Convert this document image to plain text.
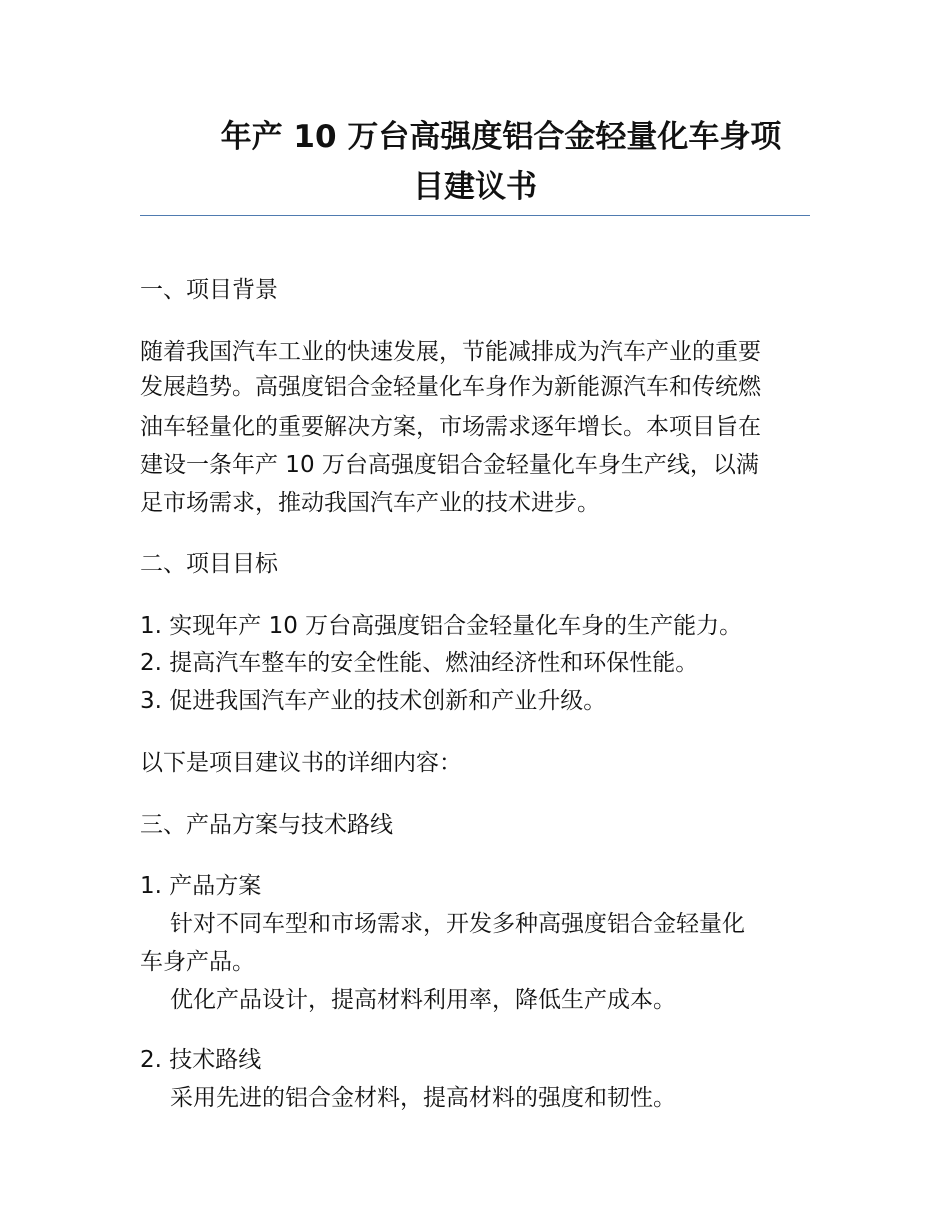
年产 10 万台高强度铝合金轻量化车身项
目建议书

一、项目背景

随着我国汽车工业的快速发展，节能减排成为汽车产业的重要

发展趋势。高强度铝合金轻量化车身作为新能源汽车和传统燃

油车轻量化的重要解决方案，市场需求逐年增长。本项目旨在

建设一条年产 10 万台高强度铝合金轻量化车身生产线，以满

足市场需求，推动我国汽车产业的技术进步。

二、项目目标

1. 实现年产 10 万台高强度铝合金轻量化车身的生产能力。

2. 提高汽车整车的安全性能、燃油经济性和环保性能。

3. 促进我国汽车产业的技术创新和产业升级。

以下是项目建议书的详细内容：

三、产品方案与技术路线

1. 产品方案

针对不同车型和市场需求，开发多种高强度铝合金轻量化

车身产品。

优化产品设计，提高材料利用率，降低生产成本。

2. 技术路线

采用先进的铝合金材料，提高材料的强度和韧性。
